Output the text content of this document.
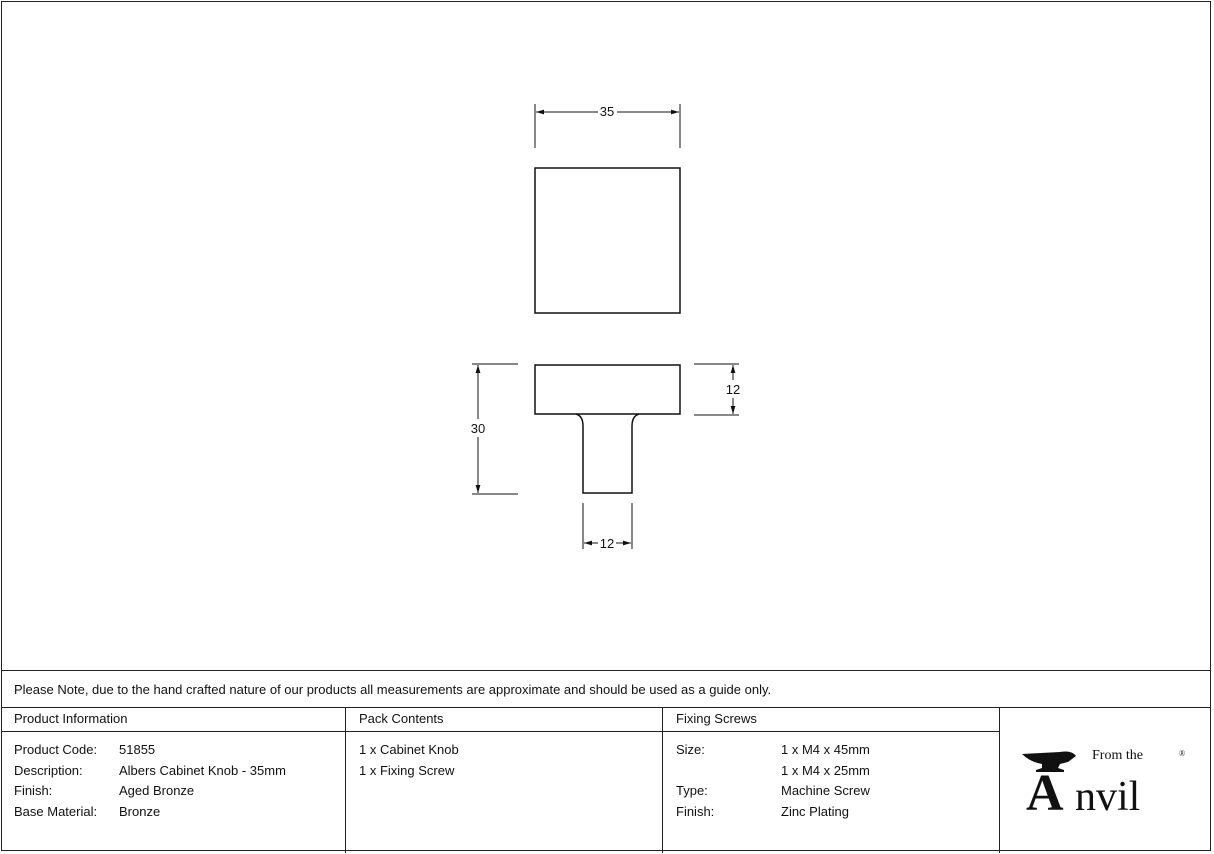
35
30
12
12
Please Note, due to the hand crafted nature of our products all measurements are approximate and should be used as a guide only.
Product Information
Product Code:	51855
Description:	Albers Cabinet Knob - 35mm
Finish:	Aged Bronze
Base Material:	Bronze
Pack Contents
1 x Cabinet Knob
1 x Fixing Screw
Fixing Screws
Size:	1 x M4 x 45mm
1 x M4 x 25mm
Type:	Machine Screw
Finish:	Zinc Plating
From the	®
A nvil
